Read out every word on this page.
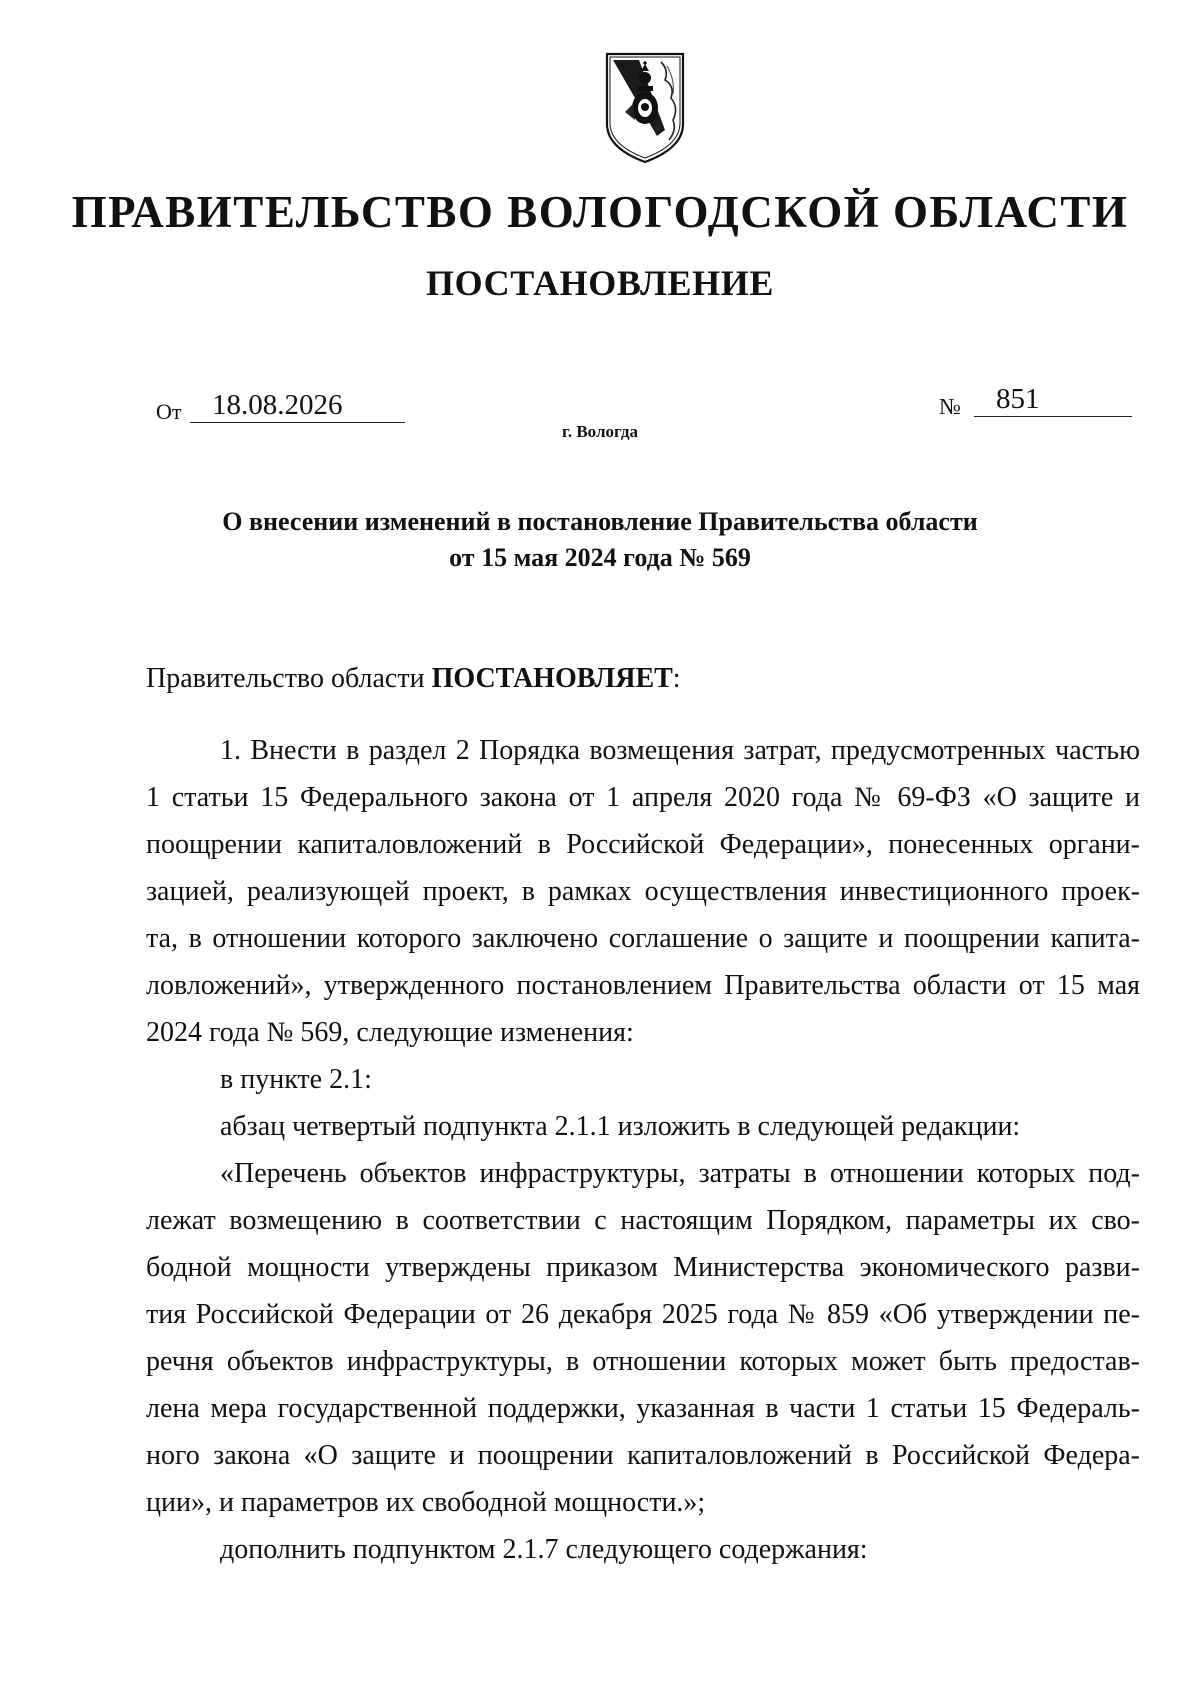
ПРАВИТЕЛЬСТВО ВОЛОГОДСКОЙ ОБЛАСТИ
ПОСТАНОВЛЕНИЕ
От	18.08.2026	№	851
г. Вологда
О внесении изменений в постановление Правительства области
от 15 мая 2024 года № 569
Правительство области ПОСТАНОВЛЯЕТ:
1. Внести в раздел 2 Порядка возмещения затрат, предусмотренных частью
1 статьи 15 Федерального закона от 1 апреля 2020 года № 69-ФЗ «О защите и
поощрении капиталовложений в Российской Федерации», понесенных органи-
зацией, реализующей проект, в рамках осуществления инвестиционного проек-
та, в отношении которого заключено соглашение о защите и поощрении капита-
ловложений», утвержденного постановлением Правительства области от 15 мая
2024 года № 569, следующие изменения:
в пункте 2.1:
абзац четвертый подпункта 2.1.1 изложить в следующей редакции:
«Перечень объектов инфраструктуры, затраты в отношении которых под-
лежат возмещению в соответствии с настоящим Порядком, параметры их сво-
бодной мощности утверждены приказом Министерства экономического разви-
тия Российской Федерации от 26 декабря 2025 года № 859 «Об утверждении пе-
речня объектов инфраструктуры, в отношении которых может быть предостав-
лена мера государственной поддержки, указанная в части 1 статьи 15 Федераль-
ного закона «О защите и поощрении капиталовложений в Российской Федера-
ции», и параметров их свободной мощности.»;
дополнить подпунктом 2.1.7 следующего содержания:
